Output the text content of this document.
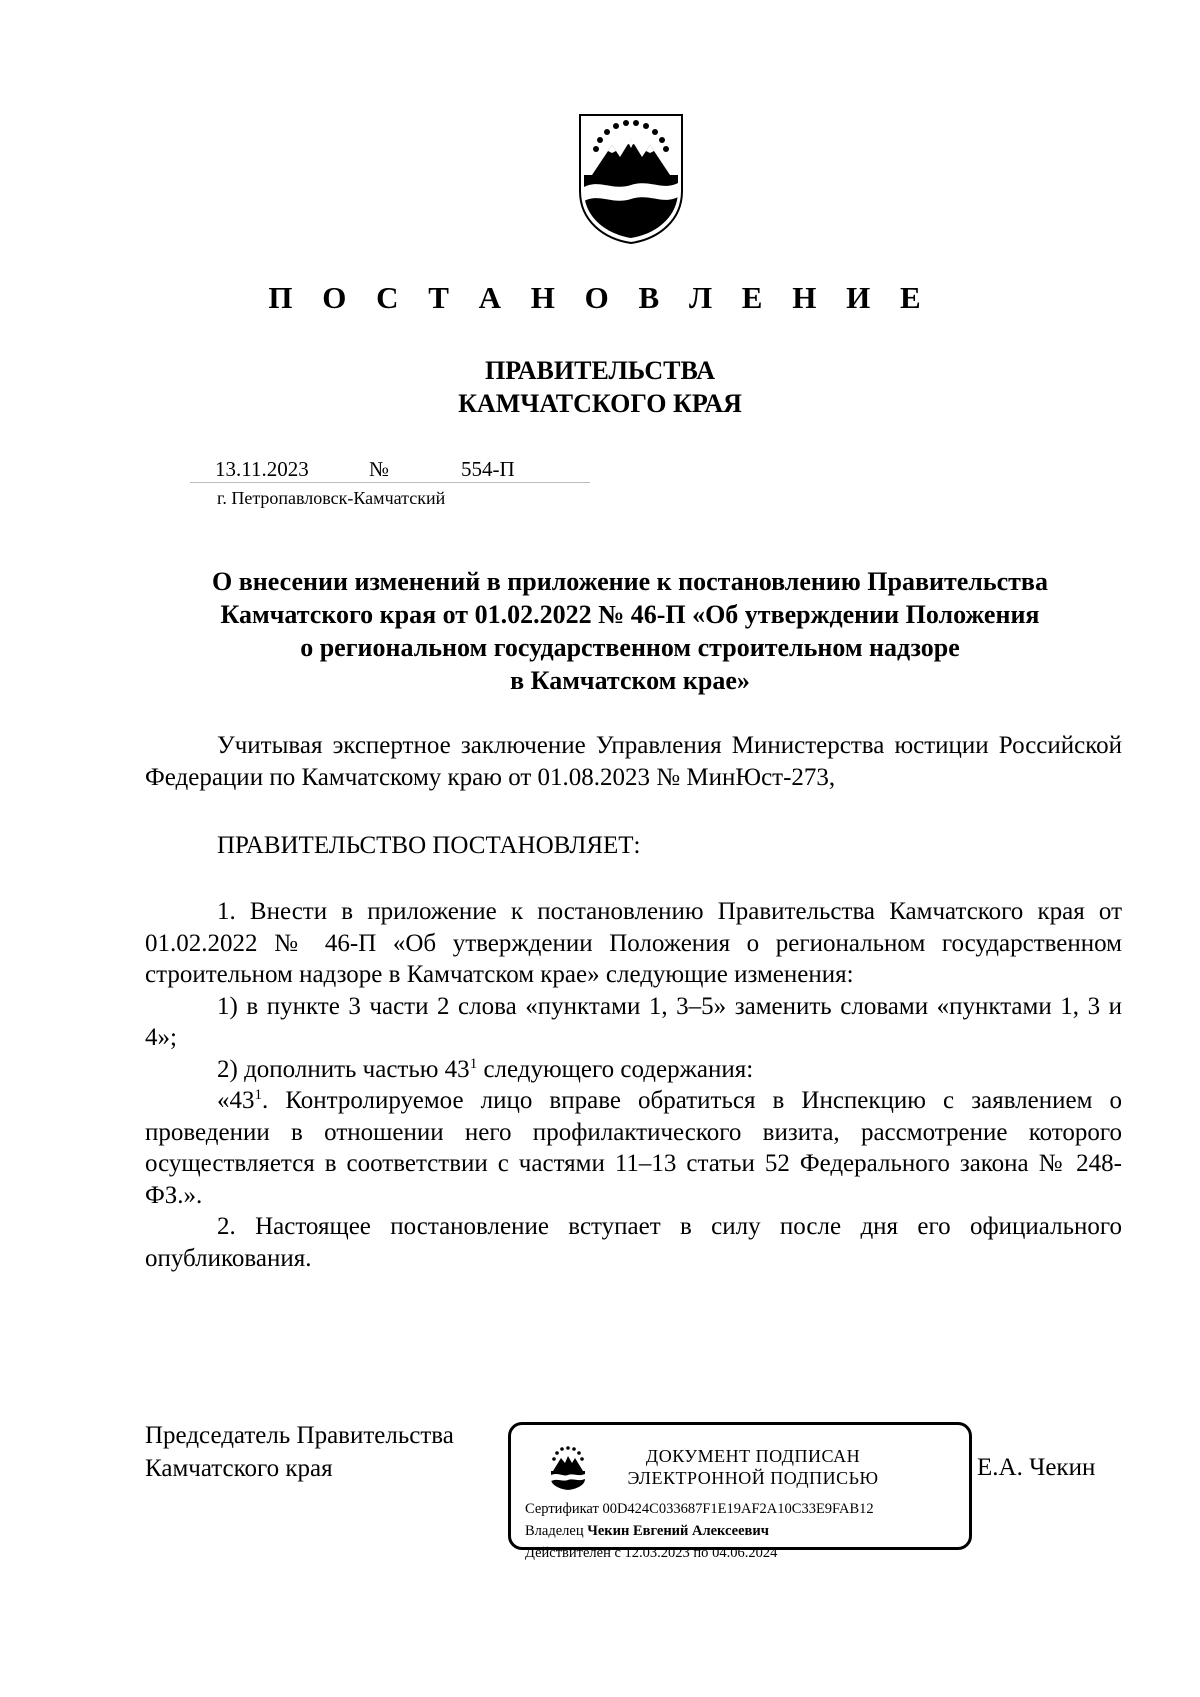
П О С Т А Н О В Л Е Н И Е
ПРАВИТЕЛЬСТВА
КАМЧАТСКОГО КРАЯ
13.11.2023	№	554-П
г. Петропавловск-Камчатский
О внесении изменений в приложение к постановлению Правительства
Камчатского края от 01.02.2022 № 46-П «Об утверждении Положения
о региональном государственном строительном надзоре
в Камчатском крае»

Учитывая экспертное заключение Управления Министерства юстиции Российской Федерации по Камчатскому краю от 01.08.2023 № МинЮст-273,

ПРАВИТЕЛЬСТВО ПОСТАНОВЛЯЕТ:

1. Внести в приложение к постановлению Правительства Камчатского края от 01.02.2022 № 46-П «Об утверждении Положения о региональном государственном строительном надзоре в Камчатском крае» следующие изменения:

1) в пункте 3 части 2 слова «пунктами 1, 3–5» заменить словами «пунктами 1, 3 и 4»;

2) дополнить частью $43^1$ следующего содержания:

«$43^1$. Контролируемое лицо вправе обратиться в Инспекцию с заявлением о проведении в отношении него профилактического визита, рассмотрение которого осуществляется в соответствии с частями 11–13 статьи 52 Федерального закона № 248-ФЗ.».

2. Настоящее постановление вступает в силу после дня его официального опубликования.

Председатель Правительства
Камчатского края	ДОКУМЕНТ ПОДПИСАН
ЭЛЕКТРОННОЙ ПОДПИСЬЮ
Сертификат 00D424C033687F1E19AF2A10C33E9FAB12
Владелец Чекин Евгений Алексеевич
Действителен с 12.03.2023 по 04.06.2024
Е.А. Чекин
